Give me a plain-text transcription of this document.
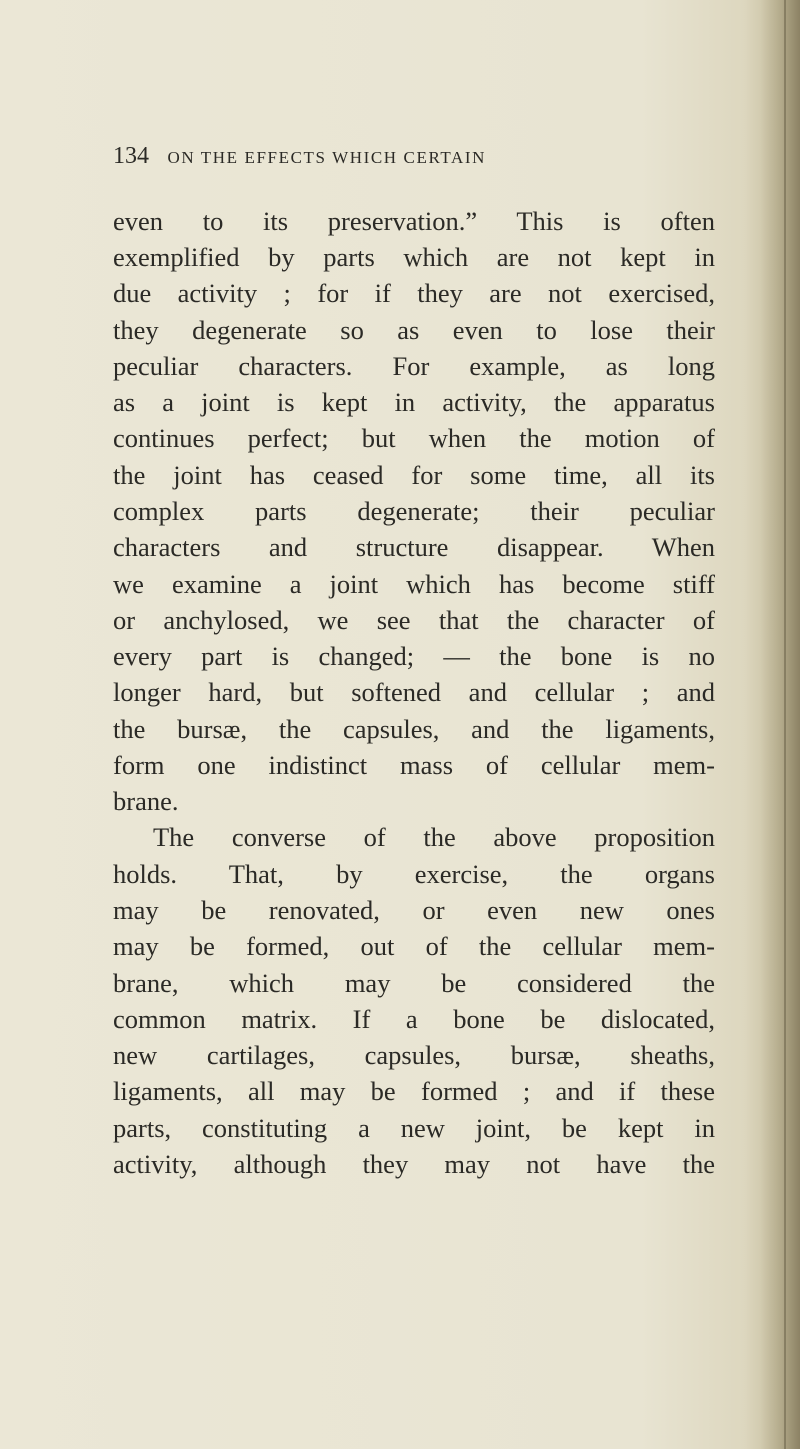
134 ON THE EFFECTS WHICH CERTAIN
even to its preservation.” This is often
exemplified by parts which are not kept in
due activity ; for if they are not exercised,
they degenerate so as even to lose their
peculiar characters. For example, as long
as a joint is kept in activity, the apparatus
continues perfect; but when the motion of
the joint has ceased for some time, all its
complex parts degenerate; their peculiar
characters and structure disappear. When
we examine a joint which has become stiff
or anchylosed, we see that the character of
every part is changed; — the bone is no
longer hard, but softened and cellular ; and
the bursæ, the capsules, and the ligaments,
form one indistinct mass of cellular mem-
brane.
The converse of the above proposition
holds. That, by exercise, the organs
may be renovated, or even new ones
may be formed, out of the cellular mem-
brane, which may be considered the
common matrix. If a bone be dislocated,
new cartilages, capsules, bursæ, sheaths,
ligaments, all may be formed ; and if these
parts, constituting a new joint, be kept in
activity, although they may not have the
